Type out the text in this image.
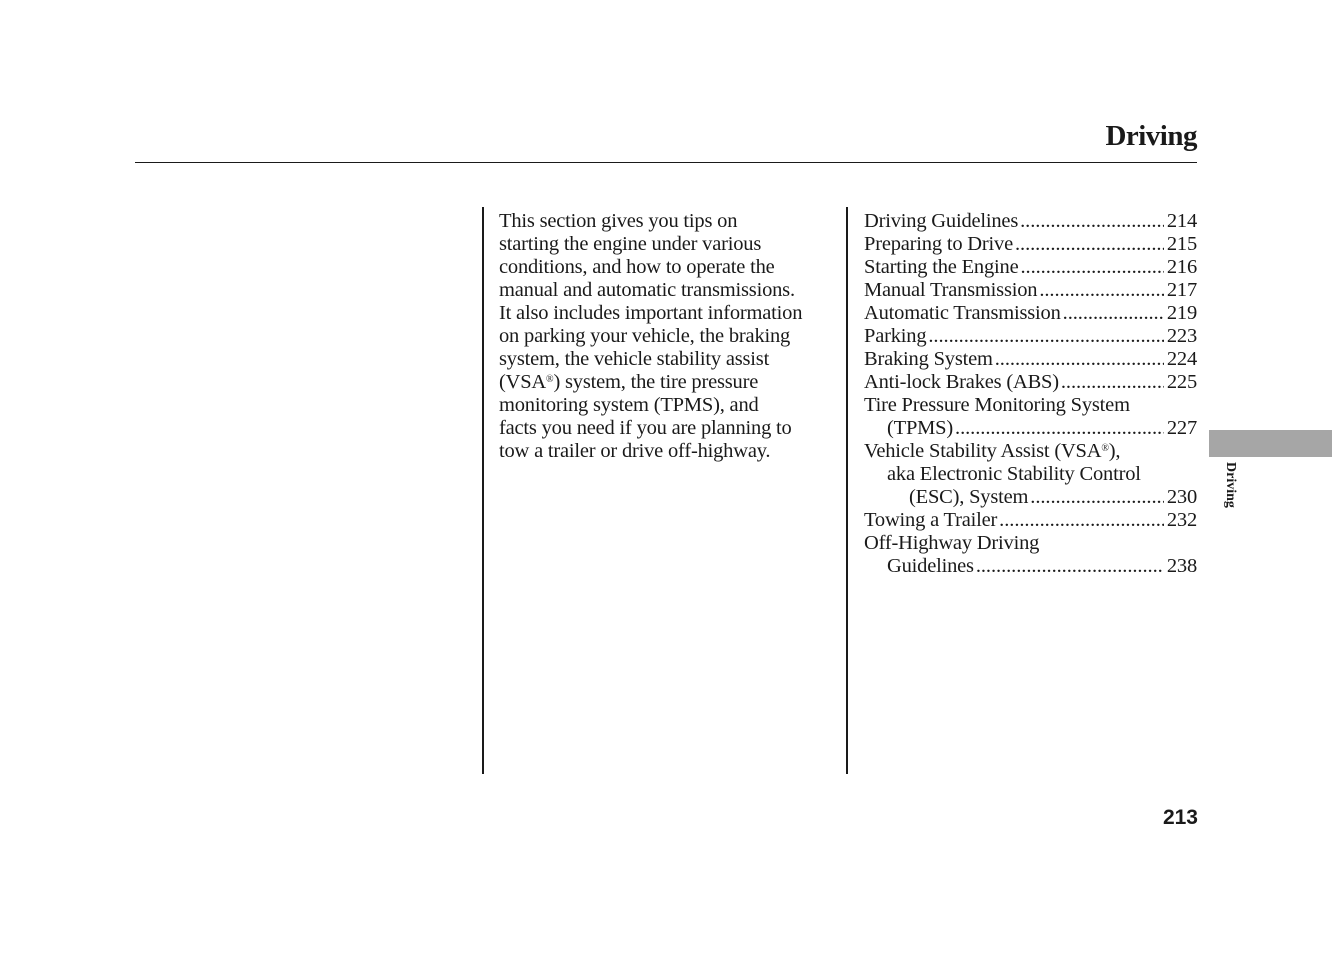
Driving

This section gives you tips on
starting the engine under various
conditions, and how to operate the
manual and automatic transmissions.
It also includes important information
on parking your vehicle, the braking
system, the vehicle stability assist
(VSA®) system, the tire pressure
monitoring system (TPMS), and
facts you need if you are planning to
tow a trailer or drive off-highway.

Driving Guidelines . . .	214
Preparing to Drive . . .	215
Starting the Engine . . .	216
Manual Transmission . . .	217
Automatic Transmission . . .	219
Parking . . .	223
Braking System . . .	224
Anti-lock Brakes (ABS) . . .	225
Tire Pressure Monitoring System
(TPMS) . . .	227
Vehicle Stability Assist (VSA®),
aka Electronic Stability Control
(ESC), System . . .	230
Towing a Trailer . . .	232
Off-Highway Driving
Guidelines . . .	238

Driving

213
